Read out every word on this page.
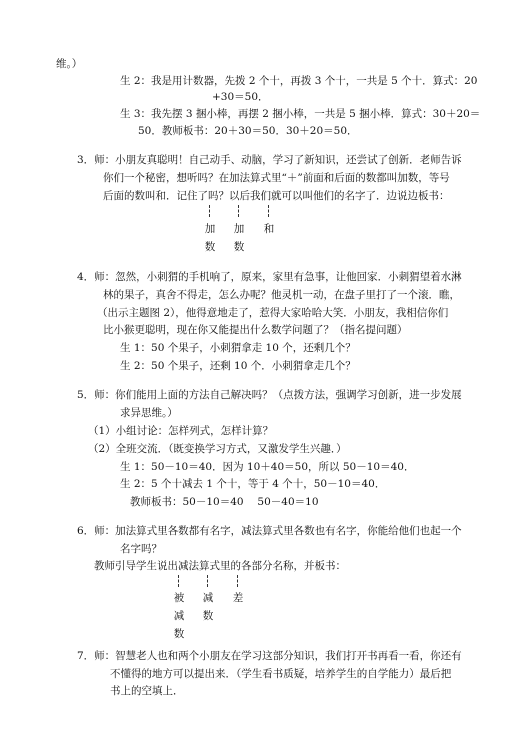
维。）
生 2：我是用计数器，先拨 2 个十，再拨 3 个十，一共是 5 个十．算式：20
+30＝50．
生 3：我先摆 3 捆小棒，再摆 2 捆小棒，一共是 5 捆小棒．算式：30＋20＝
50．教师板书：20＋30＝50．30＋20＝50．
3．师：小朋友真聪明！自己动手、动脑，学习了新知识，还尝试了创新．老师告诉
你们一个秘密，想听吗？在加法算式里“＋”前面和后面的数都叫加数，等号
后面的数叫和．记住了吗？以后我们就可以叫他们的名字了．边说边板书：
加
数
加
数
和
4．师：忽然，小刺猬的手机响了，原来，家里有急事，让他回家．小刺猬望着水淋
林的果子，真舍不得走，怎么办呢？他灵机一动，在盘子里打了一个滚．瞧，
（出示主题图 2），他得意地走了，惹得大家哈哈大笑．小朋友，我相信你们
比小猴更聪明，现在你又能提出什么数学问题了？（指名提问题）
生 1：50 个果子，小刺猬拿走 10 个，还剩几个？
生 2：50 个果子，还剩 10 个．小刺猬拿走几个？
5．师：你们能用上面的方法自己解决吗？（点拨方法，强调学习创新，进一步发展
求异思维。）
（1）小组讨论：怎样列式，怎样计算？
（2）全班交流．（既变换学习方式，又激发学生兴趣．）
生 1：50－10＝40．因为 10＋40＝50，所以 50－10＝40．
生 2：5 个十减去 1 个十，等于 4 个十，50－10＝40．
教师板书：50－10＝40　 50－40＝10
6．师：加法算式里各数都有名字，减法算式里各数也有名字，你能给他们也起一个
名字吗？
教师引导学生说出减法算式里的各部分名称，并板书：
被
减
数
减
数
差
7．师：智慧老人也和两个小朋友在学习这部分知识，我们打开书再看一看，你还有
不懂得的地方可以提出来．（学生看书质疑，培养学生的自学能力）最后把
书上的空填上．
